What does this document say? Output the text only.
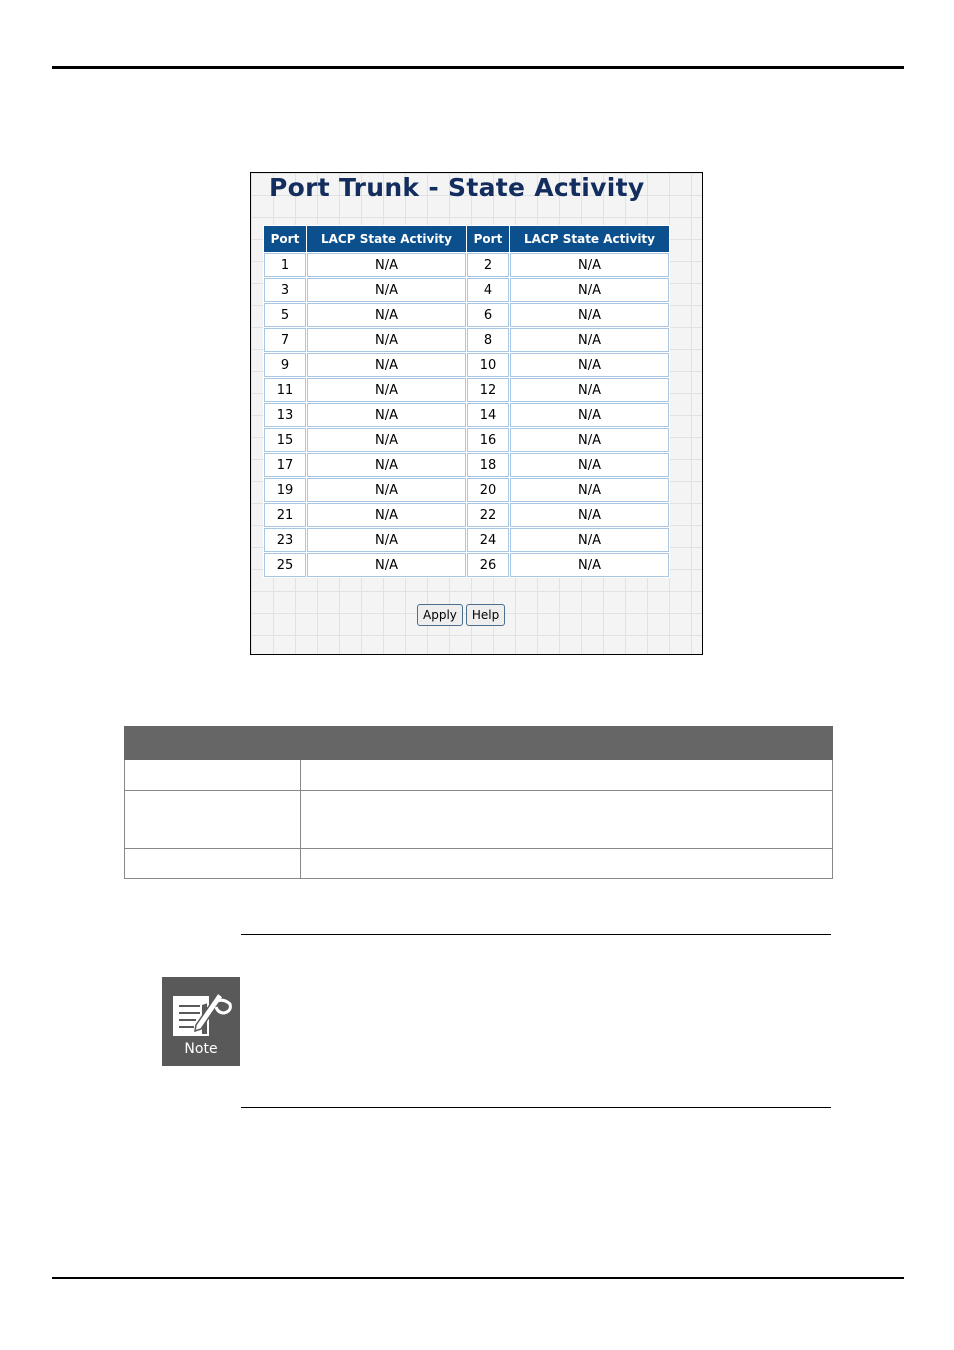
Port Trunk - State Activity
Port	LACP State Activity	Port	LACP State Activity
1	N/A	2	N/A
3	N/A	4	N/A
5	N/A	6	N/A
7	N/A	8	N/A
9	N/A	10	N/A
11	N/A	12	N/A
13	N/A	14	N/A
15	N/A	16	N/A
17	N/A	18	N/A
19	N/A	20	N/A
21	N/A	22	N/A
23	N/A	24	N/A
25	N/A	26	N/A
Apply Help

Note
